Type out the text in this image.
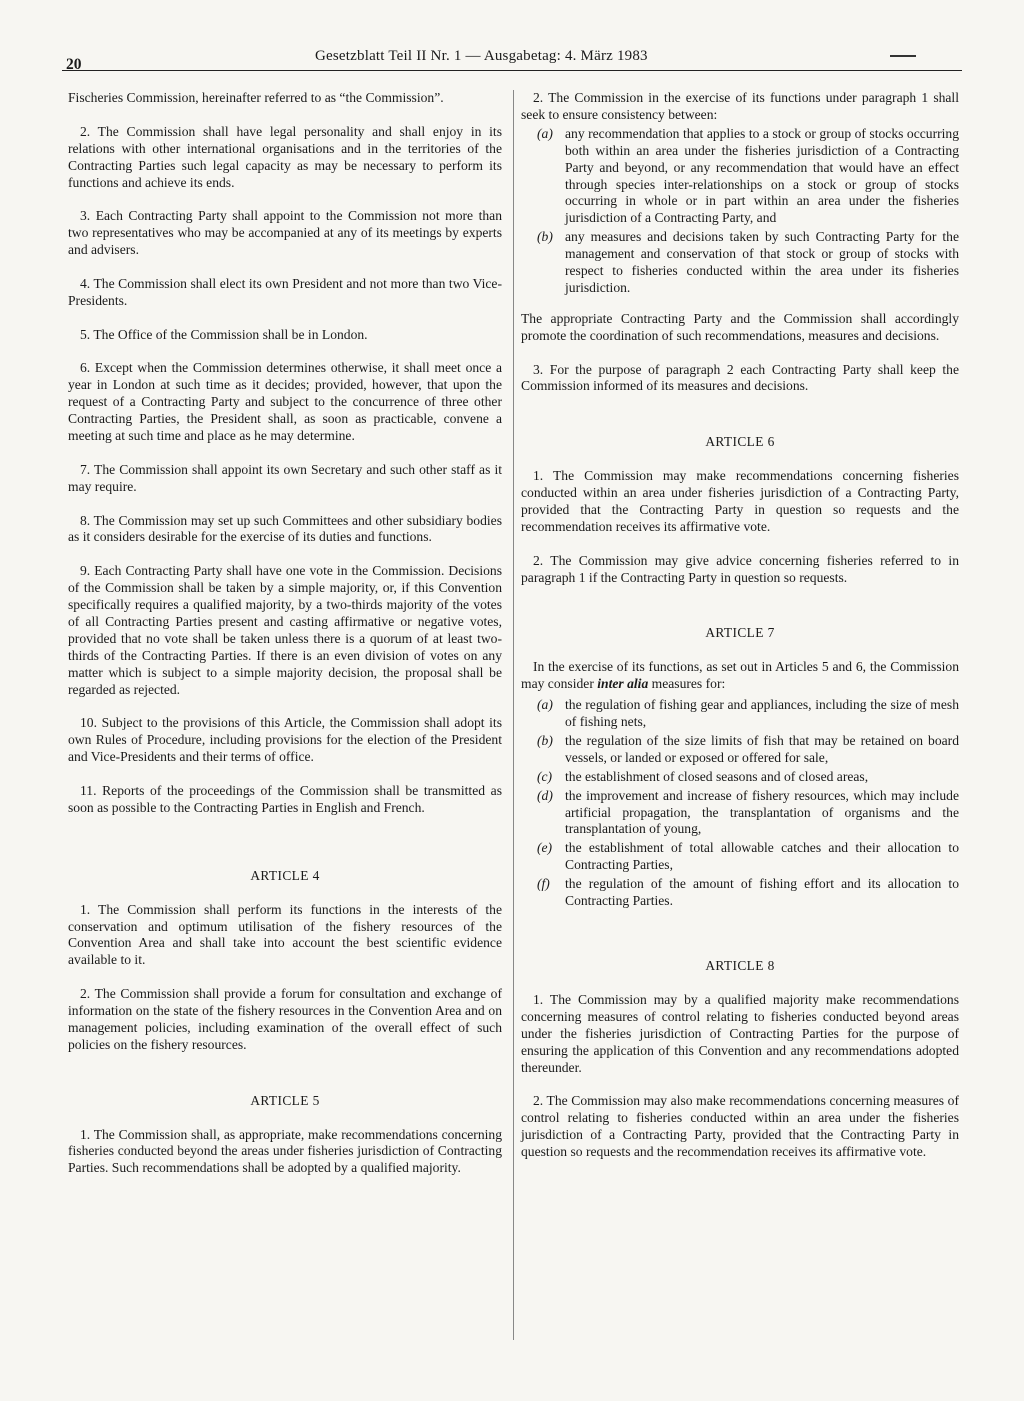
20	Gesetzblatt Teil II Nr. 1 — Ausgabetag: 4. März 1983

Fischeries Commission, hereinafter referred to as “the Commission”.

2. The Commission shall have legal personality and shall enjoy in its relations with other international organisations and in the territories of the Contracting Parties such legal capacity as may be necessary to perform its functions and achieve its ends.

3. Each Contracting Party shall appoint to the Commission not more than two representatives who may be accompanied at any of its meetings by experts and advisers.

4. The Commission shall elect its own President and not more than two Vice-Presidents.

5. The Office of the Commission shall be in London.

6. Except when the Commission determines otherwise, it shall meet once a year in London at such time as it decides; provided, however, that upon the request of a Contracting Party and subject to the concurrence of three other Contracting Parties, the President shall, as soon as practicable, convene a meeting at such time and place as he may determine.

7. The Commission shall appoint its own Secretary and such other staff as it may require.

8. The Commission may set up such Committees and other subsidiary bodies as it considers desirable for the exercise of its duties and functions.

9. Each Contracting Party shall have one vote in the Commission. Decisions of the Commission shall be taken by a simple majority, or, if this Convention specifically requires a qualified majority, by a two-thirds majority of the votes of all Contracting Parties present and casting affirmative or negative votes, provided that no vote shall be taken unless there is a quorum of at least two-thirds of the Contracting Parties. If there is an even division of votes on any matter which is subject to a simple majority decision, the proposal shall be regarded as rejected.

10. Subject to the provisions of this Article, the Commission shall adopt its own Rules of Procedure, including provisions for the election of the President and Vice-Presidents and their terms of office.

11. Reports of the proceedings of the Commission shall be transmitted as soon as possible to the Contracting Parties in English and French.

ARTICLE 4

1. The Commission shall perform its functions in the interests of the conservation and optimum utilisation of the fishery resources of the Convention Area and shall take into account the best scientific evidence available to it.

2. The Commission shall provide a forum for consultation and exchange of information on the state of the fishery resources in the Convention Area and on management policies, including examination of the overall effect of such policies on the fishery resources.

ARTICLE 5

1. The Commission shall, as appropriate, make recommendations concerning fisheries conducted beyond the areas under fisheries jurisdiction of Contracting Parties. Such recommendations shall be adopted by a qualified majority.

2. The Commission in the exercise of its functions under paragraph 1 shall seek to ensure consistency between:

(a) any recommendation that applies to a stock or group of stocks occurring both within an area under the fisheries jurisdiction of a Contracting Party and beyond, or any recommendation that would have an effect through species inter-relationships on a stock or group of stocks occurring in whole or in part within an area under the fisheries jurisdiction of a Contracting Party, and
(b) any measures and decisions taken by such Contracting Party for the management and conservation of that stock or group of stocks with respect to fisheries conducted within the area under its fisheries jurisdiction.

The appropriate Contracting Party and the Commission shall accordingly promote the coordination of such recommendations, measures and decisions.

3. For the purpose of paragraph 2 each Contracting Party shall keep the Commission informed of its measures and decisions.

ARTICLE 6

1. The Commission may make recommendations concerning fisheries conducted within an area under fisheries jurisdiction of a Contracting Party, provided that the Contracting Party in question so requests and the recommendation receives its affirmative vote.

2. The Commission may give advice concerning fisheries referred to in paragraph 1 if the Contracting Party in question so requests.

ARTICLE 7

In the exercise of its functions, as set out in Articles 5 and 6, the Commission may consider inter alia measures for:

(a) the regulation of fishing gear and appliances, including the size of mesh of fishing nets,
(b) the regulation of the size limits of fish that may be retained on board vessels, or landed or exposed or offered for sale,
(c) the establishment of closed seasons and of closed areas,
(d) the improvement and increase of fishery resources, which may include artificial propagation, the transplantation of organisms and the transplantation of young,
(e) the establishment of total allowable catches and their allocation to Contracting Parties,
(f) the regulation of the amount of fishing effort and its allocation to Contracting Parties.
ARTICLE 8

1. The Commission may by a qualified majority make recommendations concerning measures of control relating to fisheries conducted beyond areas under the fisheries jurisdiction of Contracting Parties for the purpose of ensuring the application of this Convention and any recommendations adopted thereunder.

2. The Commission may also make recommendations concerning measures of control relating to fisheries conducted within an area under the fisheries jurisdiction of a Contracting Party, provided that the Contracting Party in question so requests and the recommendation receives its affirmative vote.
